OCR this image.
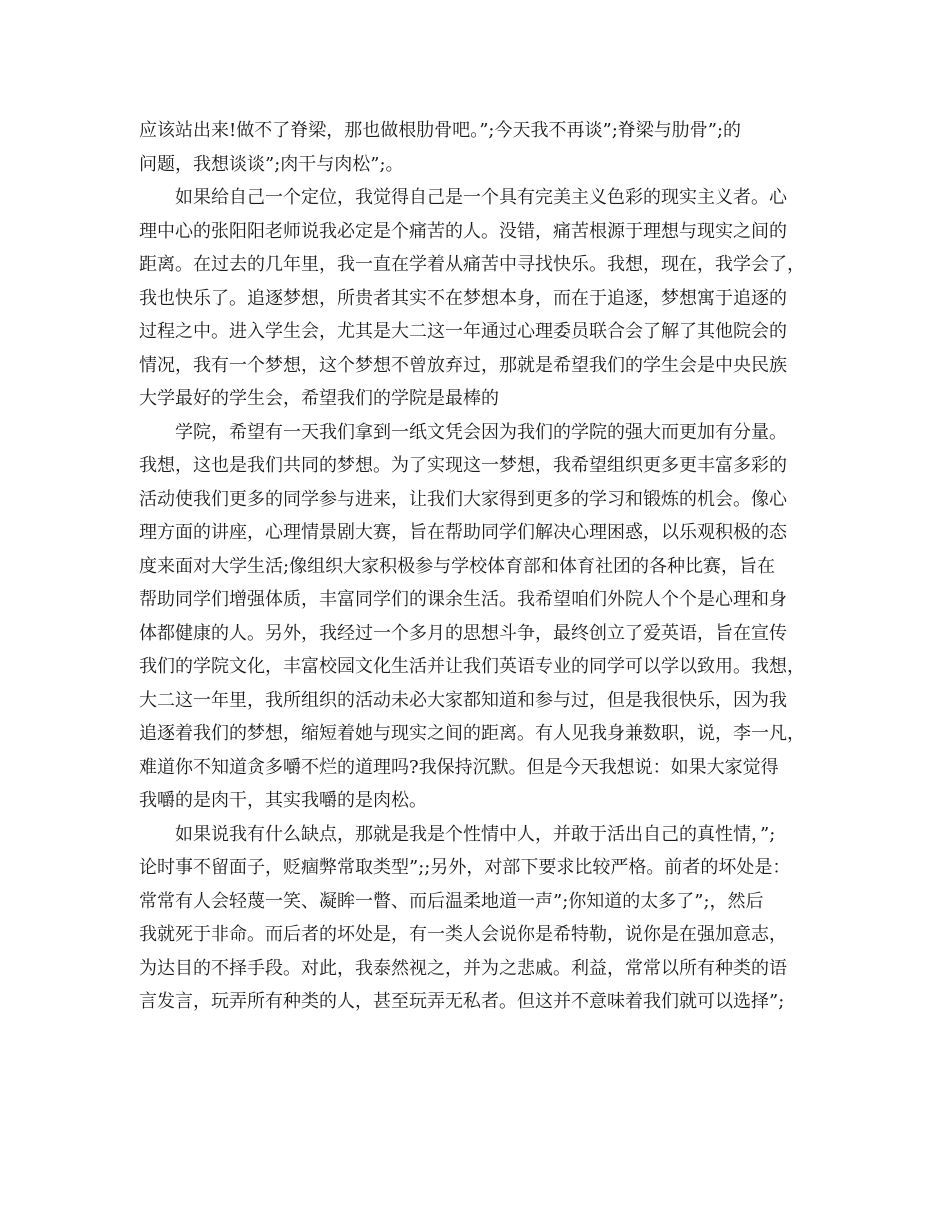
应该站出来!做不了脊梁，那也做根肋骨吧。”;今天我不再谈”;脊梁与肋骨”;的
问题，我想谈谈”;肉干与肉松”;。
如果给自己一个定位，我觉得自己是一个具有完美主义色彩的现实主义者。心
理中心的张阳阳老师说我必定是个痛苦的人。没错，痛苦根源于理想与现实之间的
距离。在过去的几年里，我一直在学着从痛苦中寻找快乐。我想，现在，我学会了，
我也快乐了。追逐梦想，所贵者其实不在梦想本身，而在于追逐，梦想寓于追逐的
过程之中。进入学生会，尤其是大二这一年通过心理委员联合会了解了其他院会的
情况，我有一个梦想，这个梦想不曾放弃过，那就是希望我们的学生会是中央民族
大学最好的学生会，希望我们的学院是最棒的
学院，希望有一天我们拿到一纸文凭会因为我们的学院的强大而更加有分量。
我想，这也是我们共同的梦想。为了实现这一梦想，我希望组织更多更丰富多彩的
活动使我们更多的同学参与进来，让我们大家得到更多的学习和锻炼的机会。像心
理方面的讲座，心理情景剧大赛，旨在帮助同学们解决心理困惑，以乐观积极的态
度来面对大学生活;像组织大家积极参与学校体育部和体育社团的各种比赛，旨在
帮助同学们增强体质，丰富同学们的课余生活。我希望咱们外院人个个是心理和身
体都健康的人。另外，我经过一个多月的思想斗争，最终创立了爱英语，旨在宣传
我们的学院文化，丰富校园文化生活并让我们英语专业的同学可以学以致用。我想，
大二这一年里，我所组织的活动未必大家都知道和参与过，但是我很快乐，因为我
追逐着我们的梦想，缩短着她与现实之间的距离。有人见我身兼数职，说，李一凡，
难道你不知道贪多嚼不烂的道理吗?我保持沉默。但是今天我想说：如果大家觉得
我嚼的是肉干，其实我嚼的是肉松。
如果说我有什么缺点，那就是我是个性情中人，并敢于活出自己的真性情，”;
论时事不留面子，贬痼弊常取类型”;;另外，对部下要求比较严格。前者的坏处是：
常常有人会轻蔑一笑、凝眸一瞥、而后温柔地道一声”;你知道的太多了”;，然后
我就死于非命。而后者的坏处是，有一类人会说你是希特勒，说你是在强加意志，
为达目的不择手段。对此，我泰然视之，并为之悲戚。利益，常常以所有种类的语
言发言，玩弄所有种类的人，甚至玩弄无私者。但这并不意味着我们就可以选择”;
